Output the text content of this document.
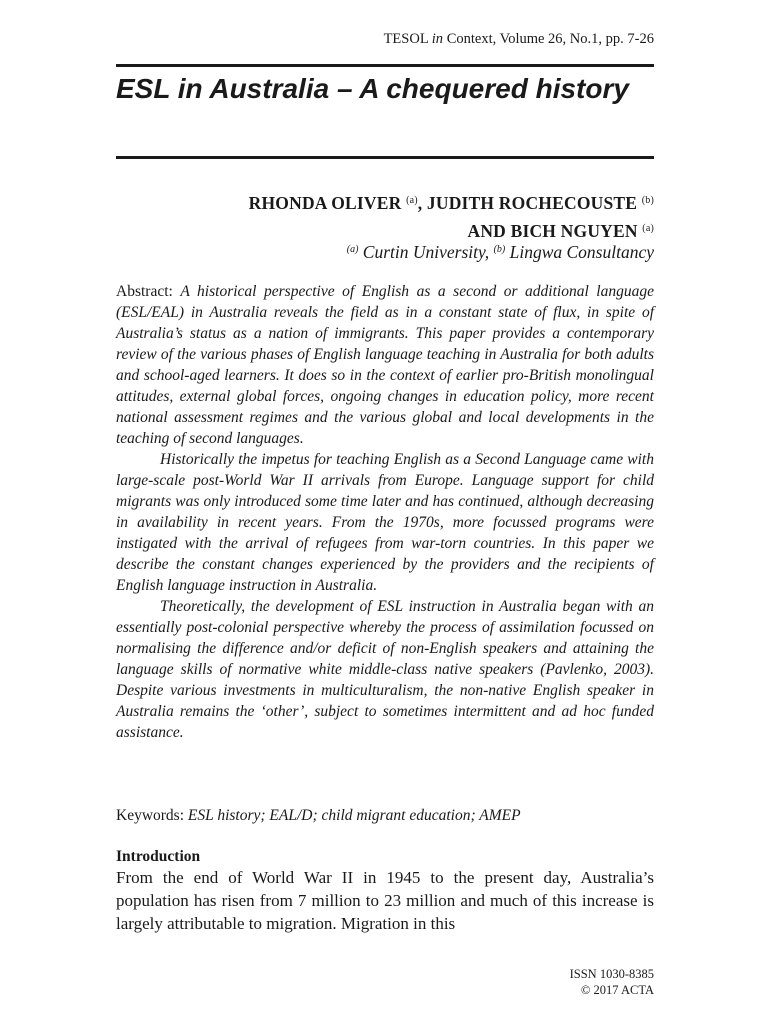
TESOL in Context, Volume 26, No.1, pp. 7-26
ESL in Australia – A chequered history
RHONDA OLIVER $^{(a)}$, JUDITH ROCHECOUSTE $^{(b)}$
AND BICH NGUYEN $^{(a)}$
$^{(a)}$ Curtin University, $^{(b)}$ Lingwa Consultancy

Abstract: A historical perspective of English as a second or additional language (ESL/EAL) in Australia reveals the field as in a constant state of flux, in spite of Australia’s status as a nation of immigrants. This paper provides a contemporary review of the various phases of English language teaching in Australia for both adults and school-aged learners. It does so in the context of earlier pro-British monolingual attitudes, external global forces, ongoing changes in education policy, more recent national assessment regimes and the various global and local developments in the teaching of second languages.

Historically the impetus for teaching English as a Second Language came with large-scale post-World War II arrivals from Europe. Language support for child migrants was only introduced some time later and has continued, although decreasing in availability in recent years. From the 1970s, more focussed programs were instigated with the arrival of refugees from war-torn countries. In this paper we describe the constant changes experienced by the providers and the recipients of English language instruction in Australia.

Theoretically, the development of ESL instruction in Australia began with an essentially post-colonial perspective whereby the process of assimilation focussed on normalising the difference and/or deficit of non-English speakers and attaining the language skills of normative white middle-class native speakers (Pavlenko, 2003). Despite various investments in multiculturalism, the non-native English speaker in Australia remains the ‘other’, subject to sometimes intermittent and ad hoc funded assistance.

Keywords: ESL history; EAL/D; child migrant education; AMEP
Introduction
From the end of World War II in 1945 to the present day, Australia’s population has risen from 7 million to 23 million and much of this increase is largely attributable to migration. Migration in this
ISSN 1030-8385
© 2017 ACTA
